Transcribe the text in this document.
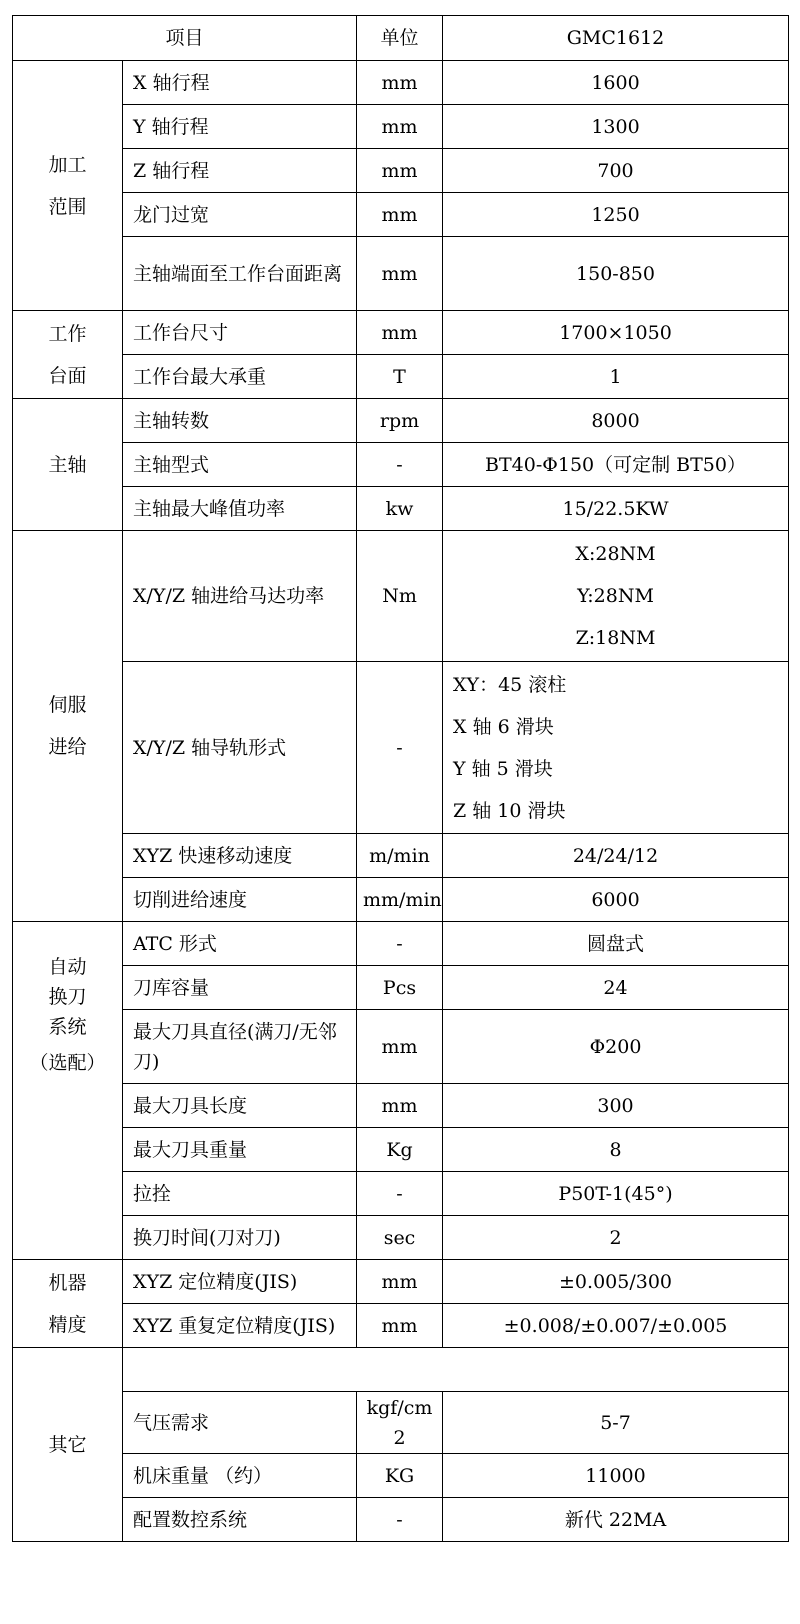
项目		单位	GMC1612

加工
范围	X 轴行程	mm	1600
	Y 轴行程	mm	1300
	Z 轴行程	mm	700
	龙门过宽	mm	1250
	主轴端面至工作台面距离	mm	150-850

工作
台面	工作台尺寸	mm	1700×1050
	工作台最大承重	T	1

主轴	主轴转数	rpm	8000
	主轴型式	-	BT40-Φ150（可定制 BT50）
	主轴最大峰值功率	kw	15/22.5KW

伺服
进给	X/Y/Z 轴进给马达功率	Nm	X:28NM
Y:28NM
Z:18NM

	X/Y/Z 轴导轨形式	-	XY：45 滚柱
X 轴 6 滑块
Y 轴 5 滑块
Z 轴 10 滑块

	XYZ 快速移动速度	m/min	24/24/12
	切削进给速度	mm/min	6000

自动
换刀
系统
（选配）	ATC 形式	-	圆盘式
	刀库容量	Pcs	24
	最大刀具直径(满刀/无邻刀)	mm	Φ200
	最大刀具长度	mm	300
	最大刀具重量	Kg	8
	拉拴	-	P50T-1(45°)
	换刀时间(刀对刀)	sec	2

机器
精度	XYZ 定位精度(JIS)	mm	±0.005/300
	XYZ 重复定位精度(JIS)	mm	±0.008/±0.007/±0.005

其它			

	气压需求	kgf/cm2	5-7
	机床重量 （约）	KG	11000
	配置数控系统	-	新代 22MA
